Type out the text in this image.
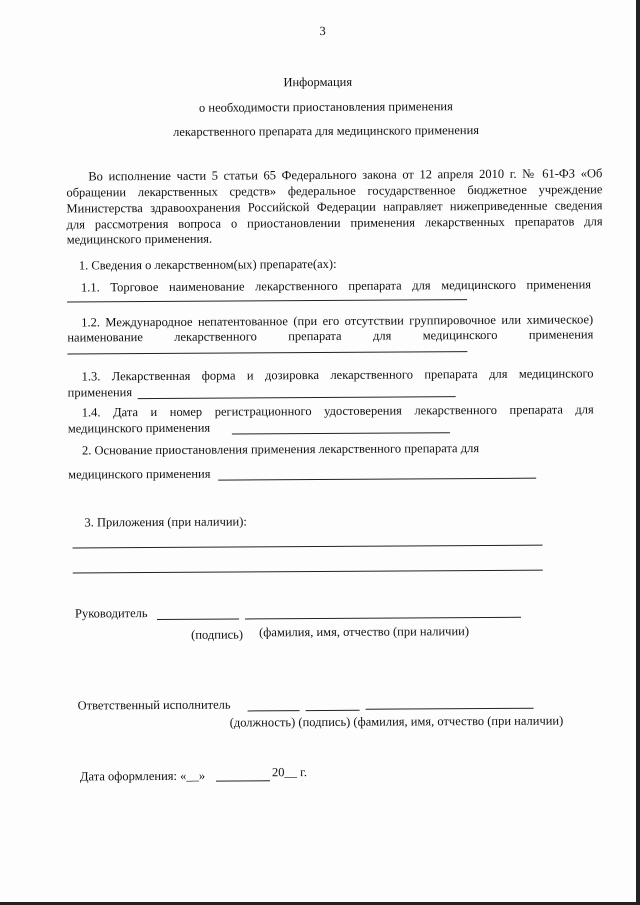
3
Информация
о необходимости приостановления применения
лекарственного препарата для медицинского применения
Во исполнение части 5 статьи 65 Федерального закона от 12 апреля 2010 г. № 61-ФЗ «Об
обращении лекарственных средств» федеральное государственное бюджетное учреждение
Министерства здравоохранения Российской Федерации направляет нижеприведенные сведения
для рассмотрения вопроса о приостановлении применения лекарственных препаратов для
медицинского применения.
1. Сведения о лекарственном(ых) препарате(ах):
1.1. Торговое наименование лекарственного препарата для медицинского применения
1.2. Международное непатентованное (при его отсутствии группировочное или химическое)
наименование лекарственного препарата для медицинского применения
1.3. Лекарственная форма и дозировка лекарственного препарата для медицинского
применения
1.4. Дата и номер регистрационного удостоверения лекарственного препарата для
медицинского применения
2. Основание приостановления применения лекарственного препарата для
медицинского применения
3. Приложения (при наличии):
Руководитель
(подпись) (фамилия, имя, отчество (при наличии)
Ответственный исполнитель
(должность) (подпись) (фамилия, имя, отчество (при наличии)
Дата оформления: «__»	20__ г.
